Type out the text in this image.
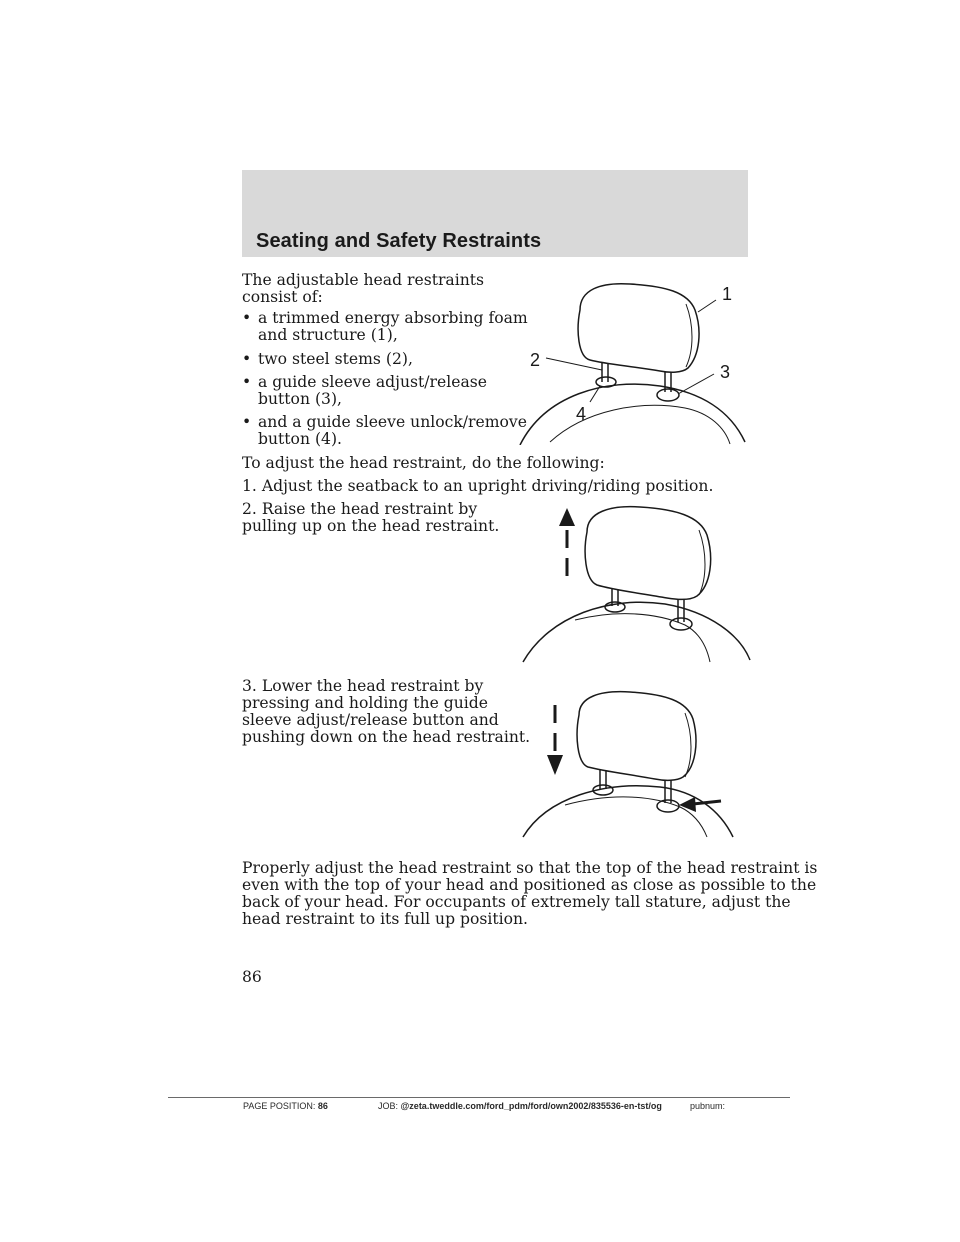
Seating and Safety Restraints

The adjustable head restraints

consist of:

• a trimmed energy absorbing foam

and structure (1),

• two steel stems (2),

• a guide sleeve adjust/release

button (3),

• and a guide sleeve unlock/remove

button (4).

1
2
3
4

To adjust the head restraint, do the following:

1. Adjust the seatback to an upright driving/riding position.

2. Raise the head restraint by

pulling up on the head restraint.

3. Lower the head restraint by

pressing and holding the guide

sleeve adjust/release button and

pushing down on the head restraint.

Properly adjust the head restraint so that the top of the head restraint is

even with the top of your head and positioned as close as possible to the

back of your head. For occupants of extremely tall stature, adjust the

head restraint to its full up position.

86
PAGE POSITION: 86	JOB: @zeta.tweddle.com/ford_pdm/ford/own2002/835536-en-tst/og	pubnum:
